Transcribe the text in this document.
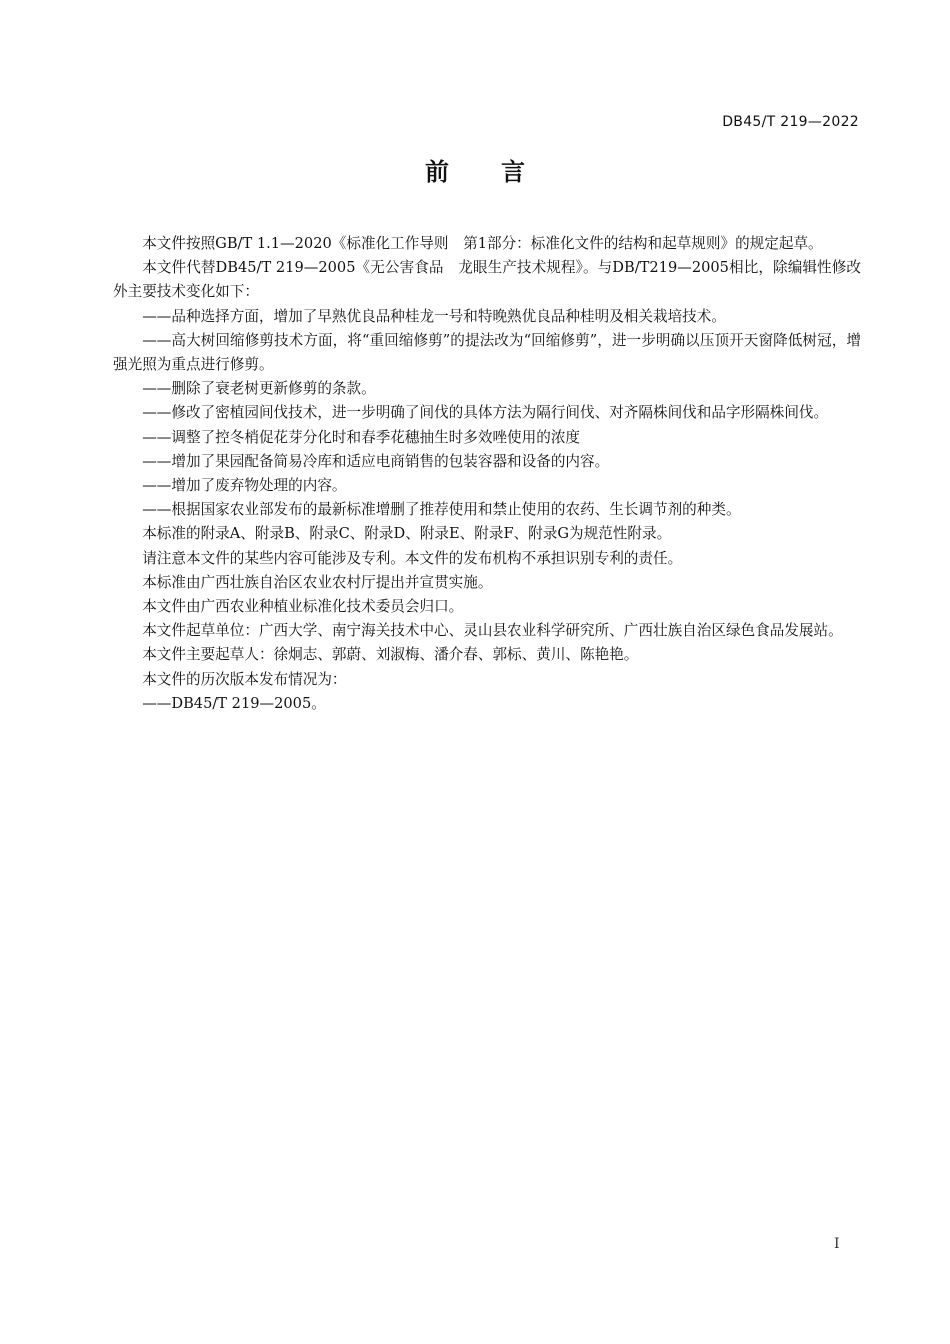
DB45/T 219—2022
前言

本文件按照GB/T 1.1—2020《标准化工作导则　第1部分：标准化文件的结构和起草规则》的规定起草。

本文件代替DB45/T 219—2005《无公害食品　龙眼生产技术规程》。与DB/T219—2005相比，除编辑性修改外主要技术变化如下：

——品种选择方面，增加了早熟优良品种桂龙一号和特晚熟优良品种桂明及相关栽培技术。

——高大树回缩修剪技术方面，将“重回缩修剪”的提法改为“回缩修剪”，进一步明确以压顶开天窗降低树冠，增强光照为重点进行修剪。

——删除了衰老树更新修剪的条款。

——修改了密植园间伐技术，进一步明确了间伐的具体方法为隔行间伐、对齐隔株间伐和品字形隔株间伐。

——调整了控冬梢促花芽分化时和春季花穗抽生时多效唑使用的浓度

——增加了果园配备简易冷库和适应电商销售的包装容器和设备的内容。

——增加了废弃物处理的内容。

——根据国家农业部发布的最新标准增删了推荐使用和禁止使用的农药、生长调节剂的种类。

本标准的附录A、附录B、附录C、附录D、附录E、附录F、附录G为规范性附录。

请注意本文件的某些内容可能涉及专利。本文件的发布机构不承担识别专利的责任。

本标准由广西壮族自治区农业农村厅提出并宣贯实施。

本文件由广西农业种植业标准化技术委员会归口。

本文件起草单位：广西大学、南宁海关技术中心、灵山县农业科学研究所、广西壮族自治区绿色食品发展站。

本文件主要起草人：徐炯志、郭蔚、刘淑梅、潘介春、郭标、黄川、陈艳艳。

本文件的历次版本发布情况为：

——DB45/T 219—2005。

I
